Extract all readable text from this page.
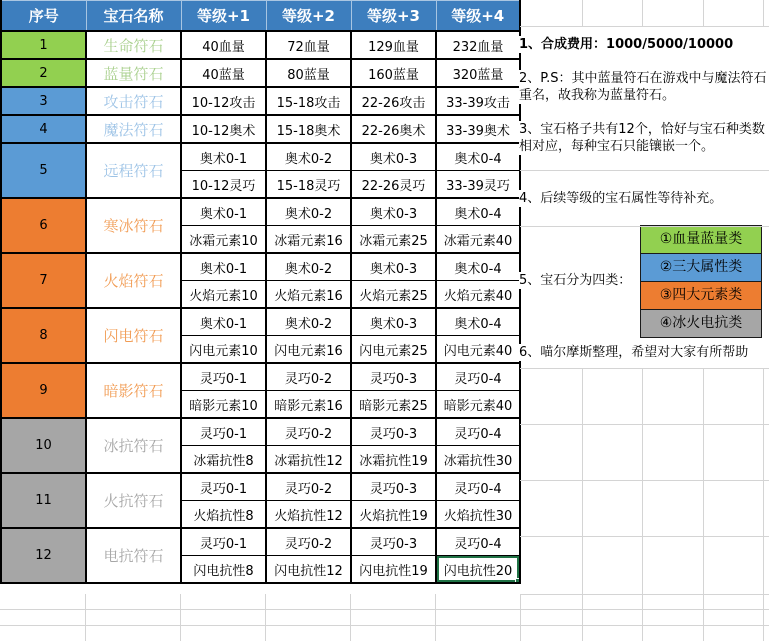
序号	宝石名称	等级+1	等级+2	等级+3	等级+4
1	生命符石	40血量	72血量	129血量	232血量
2	蓝量符石	40蓝量	80蓝量	160蓝量	320蓝量
3	攻击符石	10-12攻击	15-18攻击	22-26攻击	33-39攻击
4	魔法符石	10-12奥术	15-18奥术	22-26奥术	33-39奥术
5	远程符石	奥术0-1	奥术0-2	奥术0-3	奥术0-4
		10-12灵巧	15-18灵巧	22-26灵巧	33-39灵巧
6	寒冰符石	奥术0-1	奥术0-2	奥术0-3	奥术0-4
		冰霜元素10	冰霜元素16	冰霜元素25	冰霜元素40
7	火焰符石	奥术0-1	奥术0-2	奥术0-3	奥术0-4
		火焰元素10	火焰元素16	火焰元素25	火焰元素40
8	闪电符石	奥术0-1	奥术0-2	奥术0-3	奥术0-4
		闪电元素10	闪电元素16	闪电元素25	闪电元素40
9	暗影符石	灵巧0-1	灵巧0-2	灵巧0-3	灵巧0-4
		暗影元素10	暗影元素16	暗影元素25	暗影元素40
10	冰抗符石	灵巧0-1	灵巧0-2	灵巧0-3	灵巧0-4
		冰霜抗性8	冰霜抗性12	冰霜抗性19	冰霜抗性30
11	火抗符石	灵巧0-1	灵巧0-2	灵巧0-3	灵巧0-4
		火焰抗性8	火焰抗性12	火焰抗性19	火焰抗性30
12	电抗符石	灵巧0-1	灵巧0-2	灵巧0-3	灵巧0-4
		闪电抗性8	闪电抗性12	闪电抗性19	闪电抗性20
1、合成费用：1000/5000/10000
2、P.S：其中蓝量符石在游戏中与魔法符石重名，故我称为蓝量符石。
3、宝石格子共有12个，恰好与宝石种类数相对应，每种宝石只能镶嵌一个。
4、后续等级的宝石属性等待补充。
5、宝石分为四类：
6、喵尔摩斯整理，希望对大家有所帮助
①血量蓝量类
②三大属性类
③四大元素类
④冰火电抗类
